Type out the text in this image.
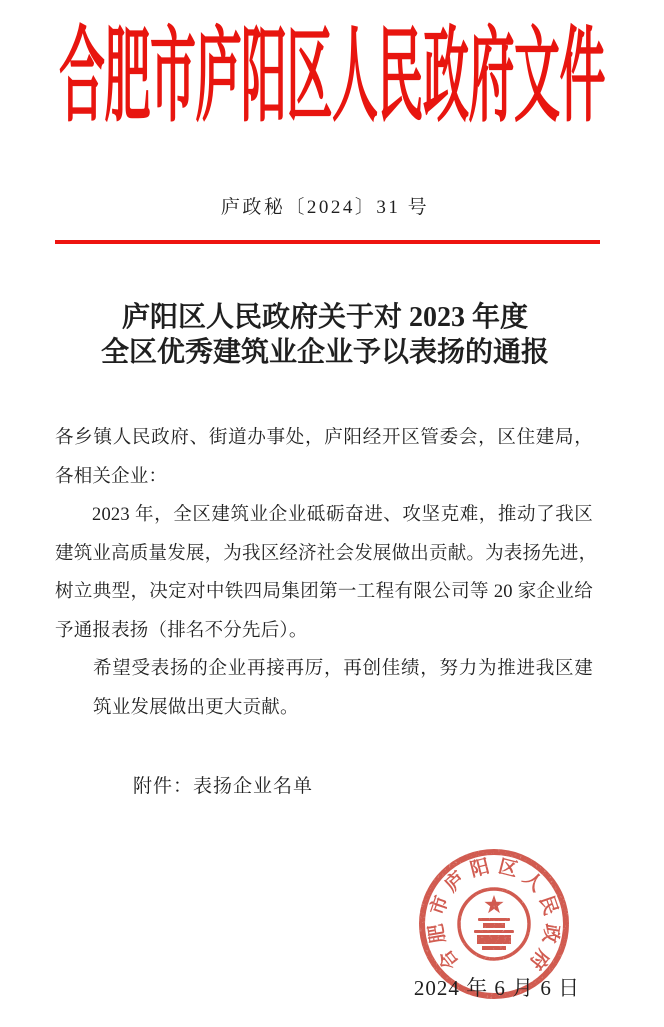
合肥市庐阳区人民政府文件
庐政秘〔2024〕31 号
庐阳区人民政府关于对 2023 年度
全区优秀建筑业企业予以表扬的通报
各乡镇人民政府、街道办事处，庐阳经开区管委会，区住建局，
各相关企业：
2023 年，全区建筑业企业砥砺奋进、攻坚克难，推动了我区
建筑业高质量发展，为我区经济社会发展做出贡献。为表扬先进，
树立典型，决定对中铁四局集团第一工程有限公司等 20 家企业给
予通报表扬（排名不分先后）。
希望受表扬的企业再接再厉，再创佳绩，努力为推进我区建
筑业发展做出更大贡献。
附件：表扬企业名单
合
肥
市
庐
阳 区
人
民
政
府
2024 年 6 月 6 日
